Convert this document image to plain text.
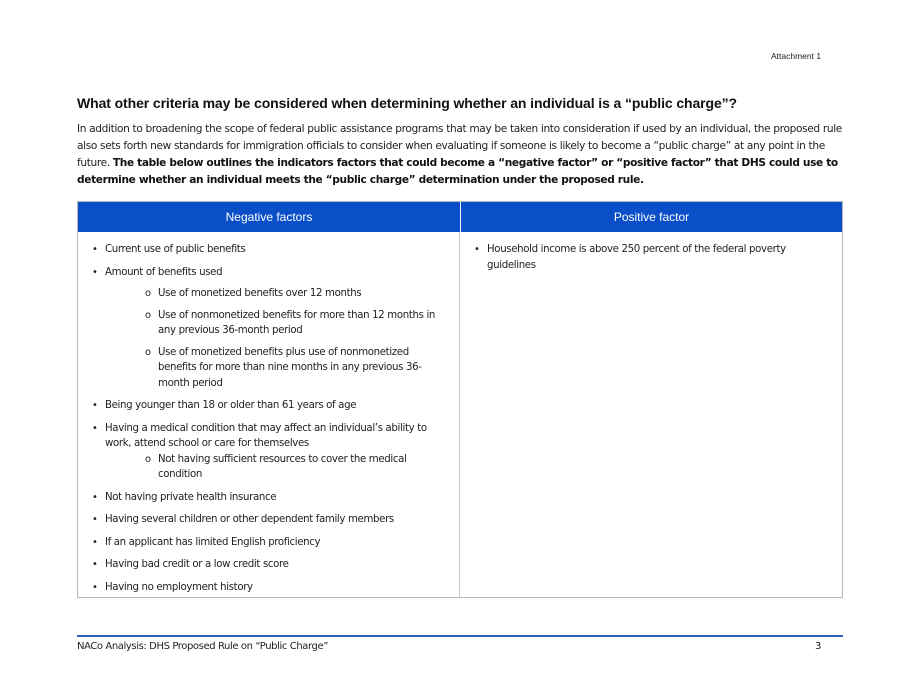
Attachment 1
What other criteria may be considered when determining whether an individual is a “public charge”?
In addition to broadening the scope of federal public assistance programs that may be taken into consideration if used by an individual, the proposed rule also sets forth new standards for immigration officials to consider when evaluating if someone is likely to become a “public charge” at any point in the future. The table below outlines the indicators factors that could become a “negative factor” or “positive factor” that DHS could use to determine whether an individual meets the “public charge” determination under the proposed rule.
Negative factors	Positive factor
• Current use of public benefits
• Amount of benefits used
o Use of monetized benefits over 12 months
o Use of nonmonetized benefits for more than 12 months in any previous 36-month period
o Use of monetized benefits plus use of nonmonetized benefits for more than nine months in any previous 36-month period
• Being younger than 18 or older than 61 years of age
• Having a medical condition that may affect an individual’s ability to work, attend school or care for themselves
o Not having sufficient resources to cover the medical condition
• Not having private health insurance
• Having several children or other dependent family members
• If an applicant has limited English proficiency
• Having bad credit or a low credit score
• Having no employment history
• Household income is above 250 percent of the federal poverty guidelines
NACo Analysis: DHS Proposed Rule on “Public Charge”	3
